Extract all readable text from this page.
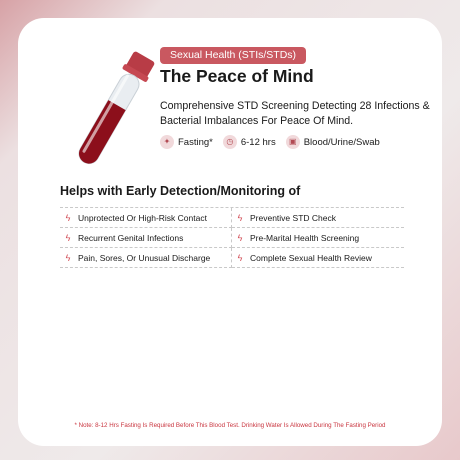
Sexual Health (STIs/STDs)
The Peace of Mind
Comprehensive STD Screening Detecting 28 Infections & Bacterial Imbalances For Peace Of Mind.
✦ Fasting*	◷ 6-12 hrs	▣ Blood/Urine/Swab
Helps with Early Detection/Monitoring of
ϟ Unprotected Or High-Risk Contact	ϟ Preventive STD Check
ϟ Recurrent Genital Infections	ϟ Pre-Marital Health Screening
ϟ Pain, Sores, Or Unusual Discharge	ϟ Complete Sexual Health Review
* Note: 8-12 Hrs Fasting Is Required Before This Blood Test. Drinking Water Is Allowed During The Fasting Period
